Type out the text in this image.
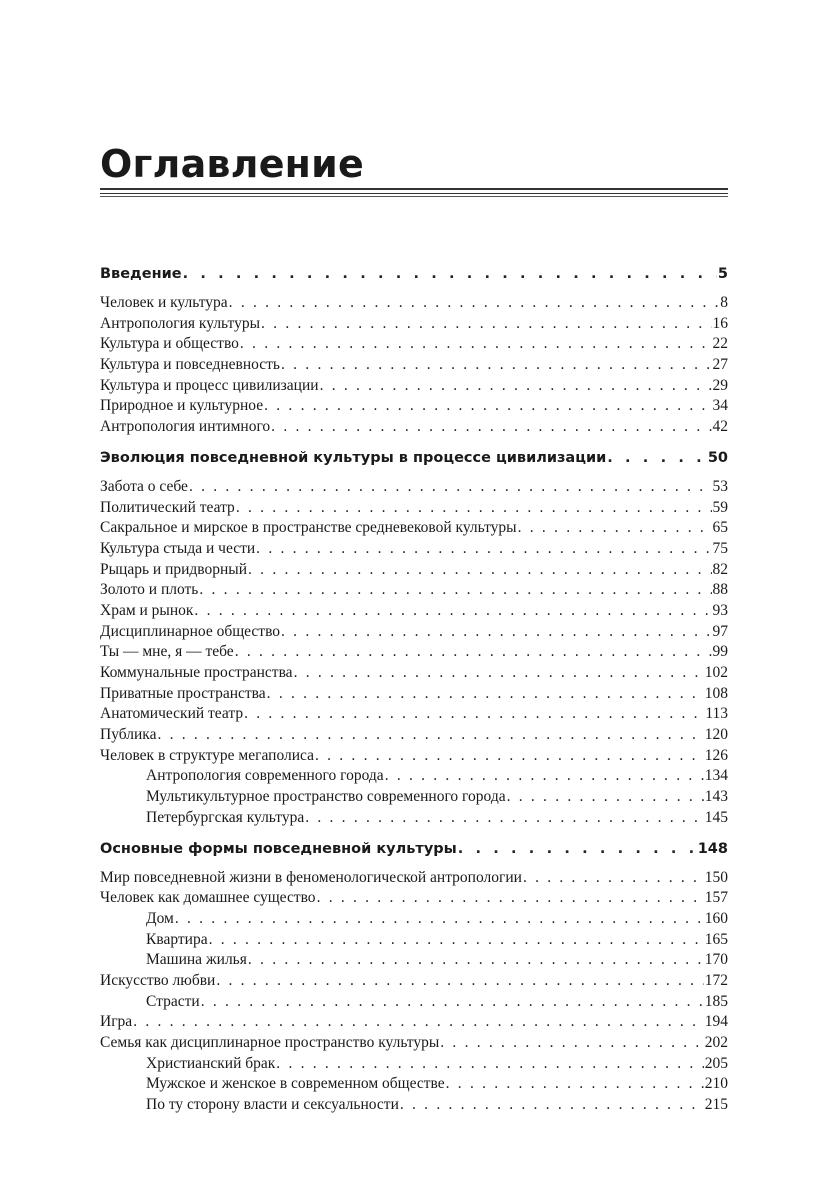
Оглавление
Введение . . .	5
Человек и культура . . .	8
Антропология культуры . . .	16
Культура и общество . . .	22
Культура и повседневность . . .	27
Культура и процесс цивилизации . . .	29
Природное и культурное . . .	34
Антропология интимного . . .	42
Эволюция повседневной культуры в процессе цивилизации . . .	50
Забота о себе . . .	53
Политический театр . . .	59
Сакральное и мирское в пространстве средневековой культуры . . .	65
Культура стыда и чести . . .	75
Рыцарь и придворный . . .	82
Золото и плоть . . .	88
Храм и рынок . . .	93
Дисциплинарное общество . . .	97
Ты — мне, я — тебе . . .	99
Коммунальные пространства . . .	102
Приватные пространства . . .	108
Анатомический театр . . .	113
Публика . . .	120
Человек в структуре мегаполиса . . .	126
Антропология современного города . . .	134
Мультикультурное пространство современного города . . .	143
Петербургская культура . . .	145
Основные формы повседневной культуры . . .	148
Мир повседневной жизни в феноменологической антропологии . . .	150
Человек как домашнее существо . . .	157
Дом . . .	160
Квартира . . .	165
Машина жилья . . .	170
Искусство любви . . .	172
Страсти . . .	185
Игра . . .	194
Семья как дисциплинарное пространство культуры . . .	202
Христианский брак . . .	205
Мужское и женское в современном обществе . . .	210
По ту сторону власти и сексуальности . . .	215
